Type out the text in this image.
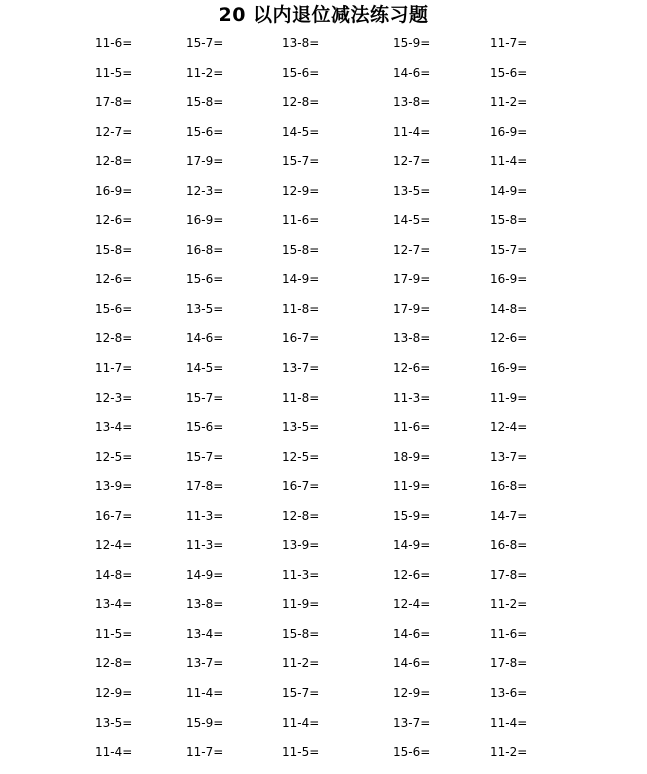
20 以内退位减法练习题
11-6=	15-7=	13-8=	15-9=	11-7=
11-5=	11-2=	15-6=	14-6=	15-6=
17-8=	15-8=	12-8=	13-8=	11-2=
12-7=	15-6=	14-5=	11-4=	16-9=
12-8=	17-9=	15-7=	12-7=	11-4=
16-9=	12-3=	12-9=	13-5=	14-9=
12-6=	16-9=	11-6=	14-5=	15-8=
15-8=	16-8=	15-8=	12-7=	15-7=
12-6=	15-6=	14-9=	17-9=	16-9=
15-6=	13-5=	11-8=	17-9=	14-8=
12-8=	14-6=	16-7=	13-8=	12-6=
11-7=	14-5=	13-7=	12-6=	16-9=
12-3=	15-7=	11-8=	11-3=	11-9=
13-4=	15-6=	13-5=	11-6=	12-4=
12-5=	15-7=	12-5=	18-9=	13-7=
13-9=	17-8=	16-7=	11-9=	16-8=
16-7=	11-3=	12-8=	15-9=	14-7=
12-4=	11-3=	13-9=	14-9=	16-8=
14-8=	14-9=	11-3=	12-6=	17-8=
13-4=	13-8=	11-9=	12-4=	11-2=
11-5=	13-4=	15-8=	14-6=	11-6=
12-8=	13-7=	11-2=	14-6=	17-8=
12-9=	11-4=	15-7=	12-9=	13-6=
13-5=	15-9=	11-4=	13-7=	11-4=
11-4=	11-7=	11-5=	15-6=	11-2=
